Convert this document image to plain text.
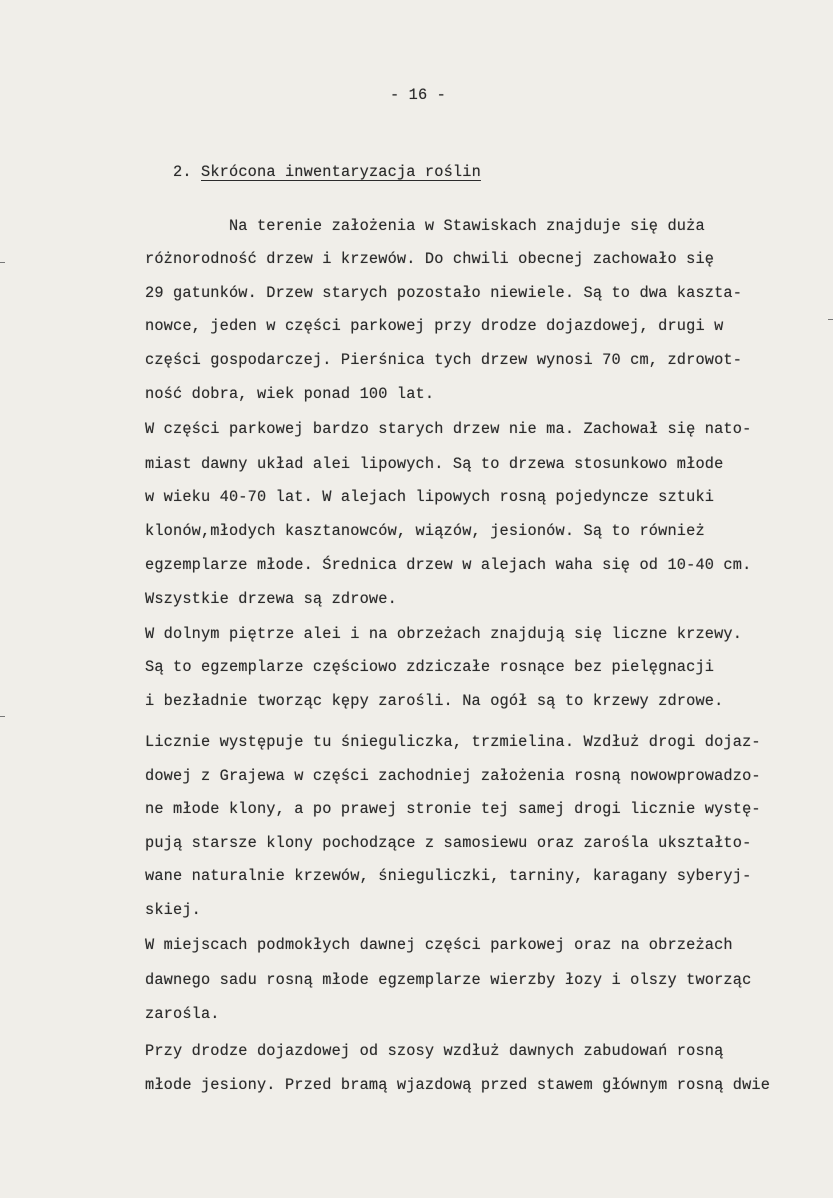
- 16 -
2. Skrócona inwentaryzacja roślin
Na terenie założenia w Stawiskach znajduje się duża
różnorodność drzew i krzewów. Do chwili obecnej zachowało się
29 gatunków. Drzew starych pozostało niewiele. Są to dwa kaszta-
nowce, jeden w części parkowej przy drodze dojazdowej, drugi w
części gospodarczej. Pierśnica tych drzew wynosi 70 cm, zdrowot-
ność dobra, wiek ponad 100 lat.
W części parkowej bardzo starych drzew nie ma. Zachował się nato-
miast dawny układ alei lipowych. Są to drzewa stosunkowo młode
w wieku 40-70 lat. W alejach lipowych rosną pojedyncze sztuki
klonów,młodych kasztanowców, wiązów, jesionów. Są to również
egzemplarze młode. Średnica drzew w alejach waha się od 10-40 cm.
Wszystkie drzewa są zdrowe.
W dolnym piętrze alei i na obrzeżach znajdują się liczne krzewy.
Są to egzemplarze częściowo zdziczałe rosnące bez pielęgnacji
i bezładnie tworząc kępy zarośli. Na ogół są to krzewy zdrowe.
Licznie występuje tu śnieguliczka, trzmielina. Wzdłuż drogi dojaz-
dowej z Grajewa w części zachodniej założenia rosną nowowprowadzo-
ne młode klony, a po prawej stronie tej samej drogi licznie wystę-
pują starsze klony pochodzące z samosiewu oraz zarośla ukształto-
wane naturalnie krzewów, śnieguliczki, tarniny, karagany syberyj-
skiej.
W miejscach podmokłych dawnej części parkowej oraz na obrzeżach
dawnego sadu rosną młode egzemplarze wierzby łozy i olszy tworząc
zarośla.
Przy drodze dojazdowej od szosy wzdłuż dawnych zabudowań rosną
młode jesiony. Przed bramą wjazdową przed stawem głównym rosną dwie
